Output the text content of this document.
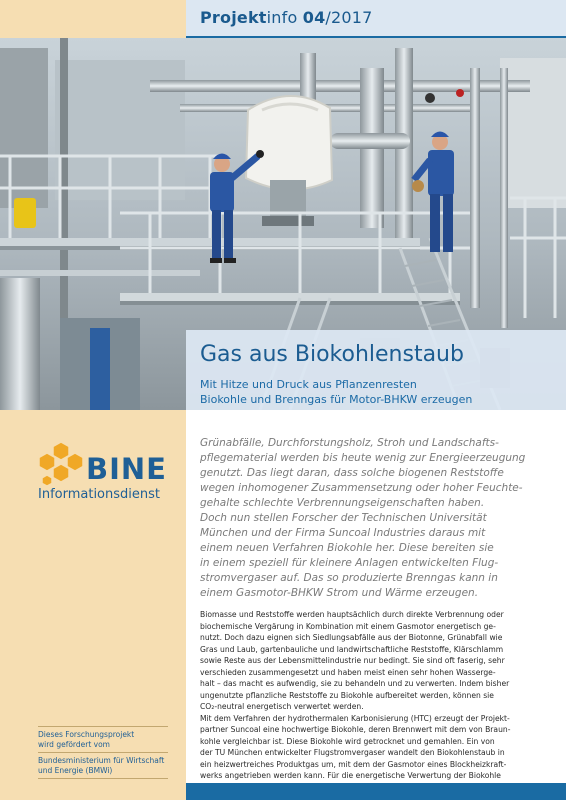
Projektinfo 04/2017
Gas aus Biokohlenstaub
Mit Hitze und Druck aus Pflanzenresten
Biokohle und Brenngas für Motor-BHKW erzeugen
BINE
Informationsdienst
Dieses Forschungsprojekt
wird gefördert vom
Bundesministerium für Wirtschaft
und Energie (BMWi)

Grünabfälle, Durchforstungsholz, Stroh und Landschafts-

pflegematerial werden bis heute wenig zur Energieerzeugung

genutzt. Das liegt daran, dass solche biogenen Reststoffe

wegen inhomogener Zusammensetzung oder hoher Feuchte-

gehalte schlechte Verbrennungseigenschaften haben.

Doch nun stellen Forscher der Technischen Universität

München und der Firma Suncoal Industries daraus mit

einem neuen Verfahren Biokohle her. Diese bereiten sie

in einem speziell für kleinere Anlagen entwickelten Flug-

stromvergaser auf. Das so produzierte Brenngas kann in

einem Gasmotor-BHKW Strom und Wärme erzeugen.

Biomasse und Reststoffe werden hauptsächlich durch direkte Verbrennung oder

biochemische Vergärung in Kombination mit einem Gasmotor energetisch ge-

nutzt. Doch dazu eignen sich Siedlungsabfälle aus der Biotonne, Grünabfall wie

Gras und Laub, gartenbauliche und landwirtschaftliche Reststoffe, Klärschlamm

sowie Reste aus der Lebensmittelindustrie nur bedingt. Sie sind oft faserig, sehr

verschieden zusammengesetzt und haben meist einen sehr hohen Wasserge-

halt – das macht es aufwendig, sie zu behandeln und zu verwerten. Indem bisher

ungenutzte pflanzliche Reststoffe zu Biokohle aufbereitet werden, können sie

CO₂-neutral energetisch verwertet werden.

Mit dem Verfahren der hydrothermalen Karbonisierung (HTC) erzeugt der Projekt-

partner Suncoal eine hochwertige Biokohle, deren Brennwert mit dem von Braun-

kohle vergleichbar ist. Diese Biokohle wird getrocknet und gemahlen. Ein von

der TU München entwickelter Flugstromvergaser wandelt den Biokohlenstaub in

ein heizwertreiches Produktgas um, mit dem der Gasmotor eines Blockheizkraft-

werks angetrieben werden kann. Für die energetische Verwertung der Biokohle
